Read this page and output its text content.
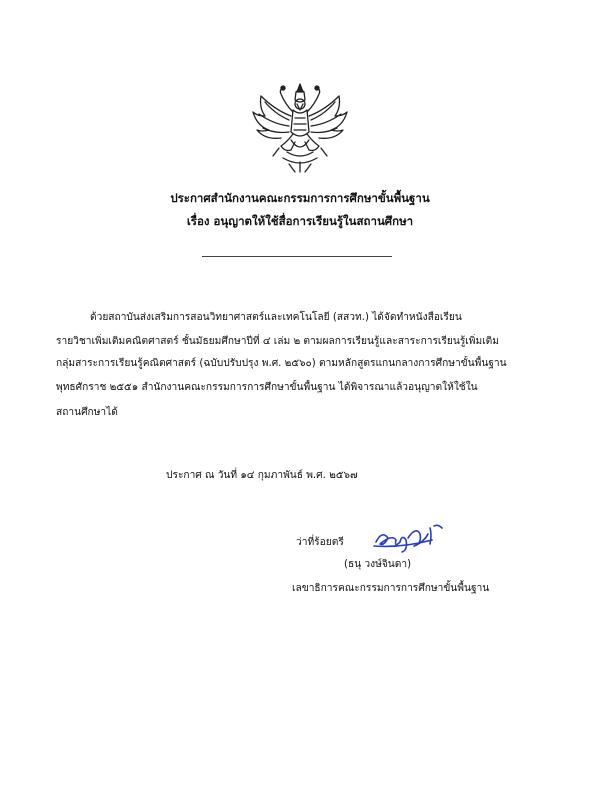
ประกาศสำนักงานคณะกรรมการการศึกษาขั้นพื้นฐาน
เรื่อง อนุญาตให้ใช้สื่อการเรียนรู้ในสถานศึกษา
ด้วยสถาบันส่งเสริมการสอนวิทยาศาสตร์และเทคโนโลยี (สสวท.) ได้จัดทำหนังสือเรียน
รายวิชาเพิ่มเติมคณิตศาสตร์ ชั้นมัธยมศึกษาปีที่ ๔ เล่ม ๒ ตามผลการเรียนรู้และสาระการเรียนรู้เพิ่มเติม
กลุ่มสาระการเรียนรู้คณิตศาสตร์ (ฉบับปรับปรุง พ.ศ. ๒๕๖๐) ตามหลักสูตรแกนกลางการศึกษาขั้นพื้นฐาน
พุทธศักราช ๒๕๕๑ สำนักงานคณะกรรมการการศึกษาขั้นพื้นฐาน ได้พิจารณาแล้วอนุญาตให้ใช้ใน
สถานศึกษาได้
ประกาศ ณ วันที่ ๑๔ กุมภาพันธ์ พ.ศ. ๒๕๖๗
ว่าที่ร้อยตรี
(ธนุ วงษ์จินดา)
เลขาธิการคณะกรรมการการศึกษาขั้นพื้นฐาน
